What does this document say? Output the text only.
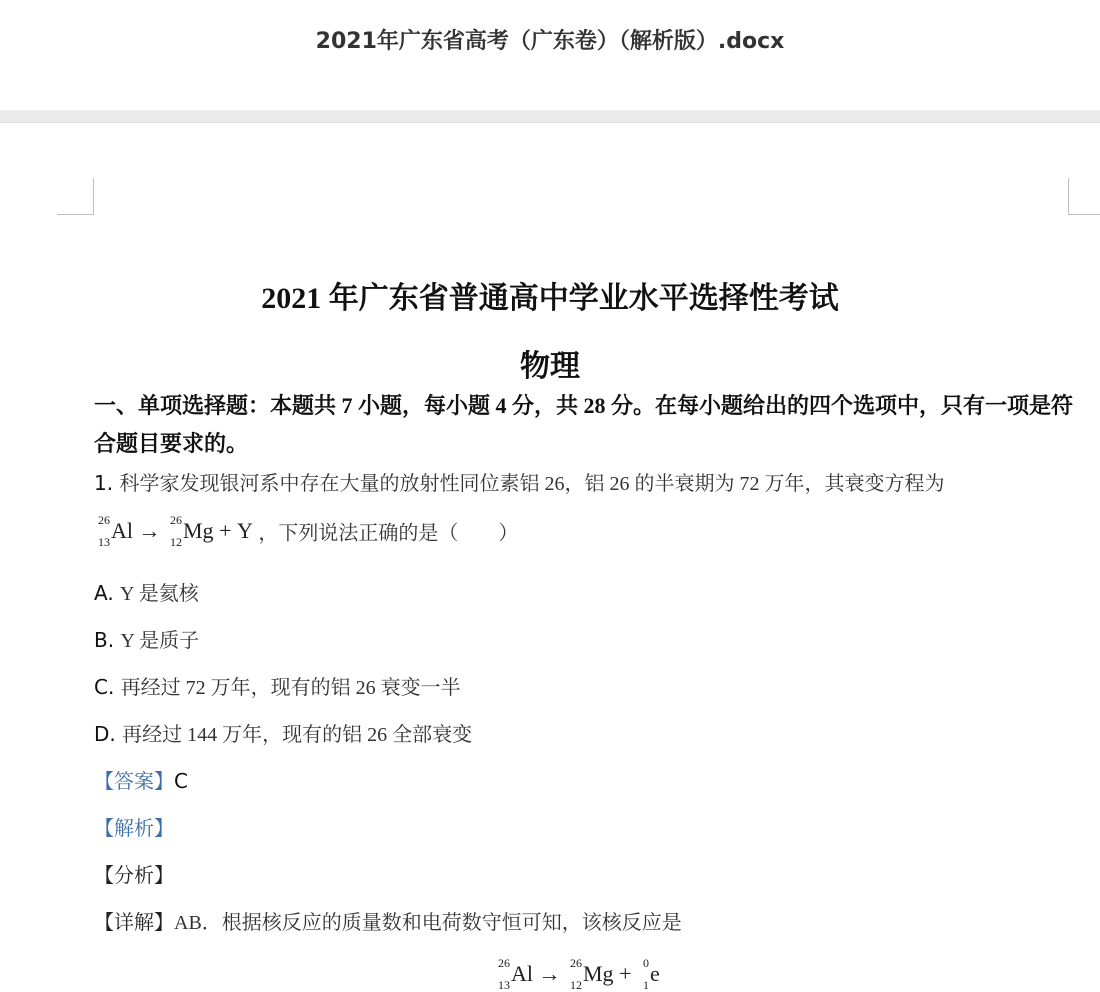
2021年广东省高考（广东卷）（解析版）.docx
2021 年广东省普通高中学业水平选择性考试
物理
一、单项选择题：本题共 7 小题，每小题 4 分，共 28 分。在每小题给出的四个选项中，只有一项是符合题目要求的。
1. 科学家发现银河系中存在大量的放射性同位素铝 26，铝 26 的半衰期为 72 万年，其衰变方程为
26
13 Al → 26
12 Mg + Y ，下列说法正确的是（　　）
A. Y 是氦核
B. Y 是质子
C. 再经过 72 万年，现有的铝 26 衰变一半
D. 再经过 144 万年，现有的铝 26 全部衰变
【答案】C
【解析】
【分析】
【详解】AB．根据核反应的质量数和电荷数守恒可知，该核反应是
26
13 Al → 26
12 Mg + 0
1 e
